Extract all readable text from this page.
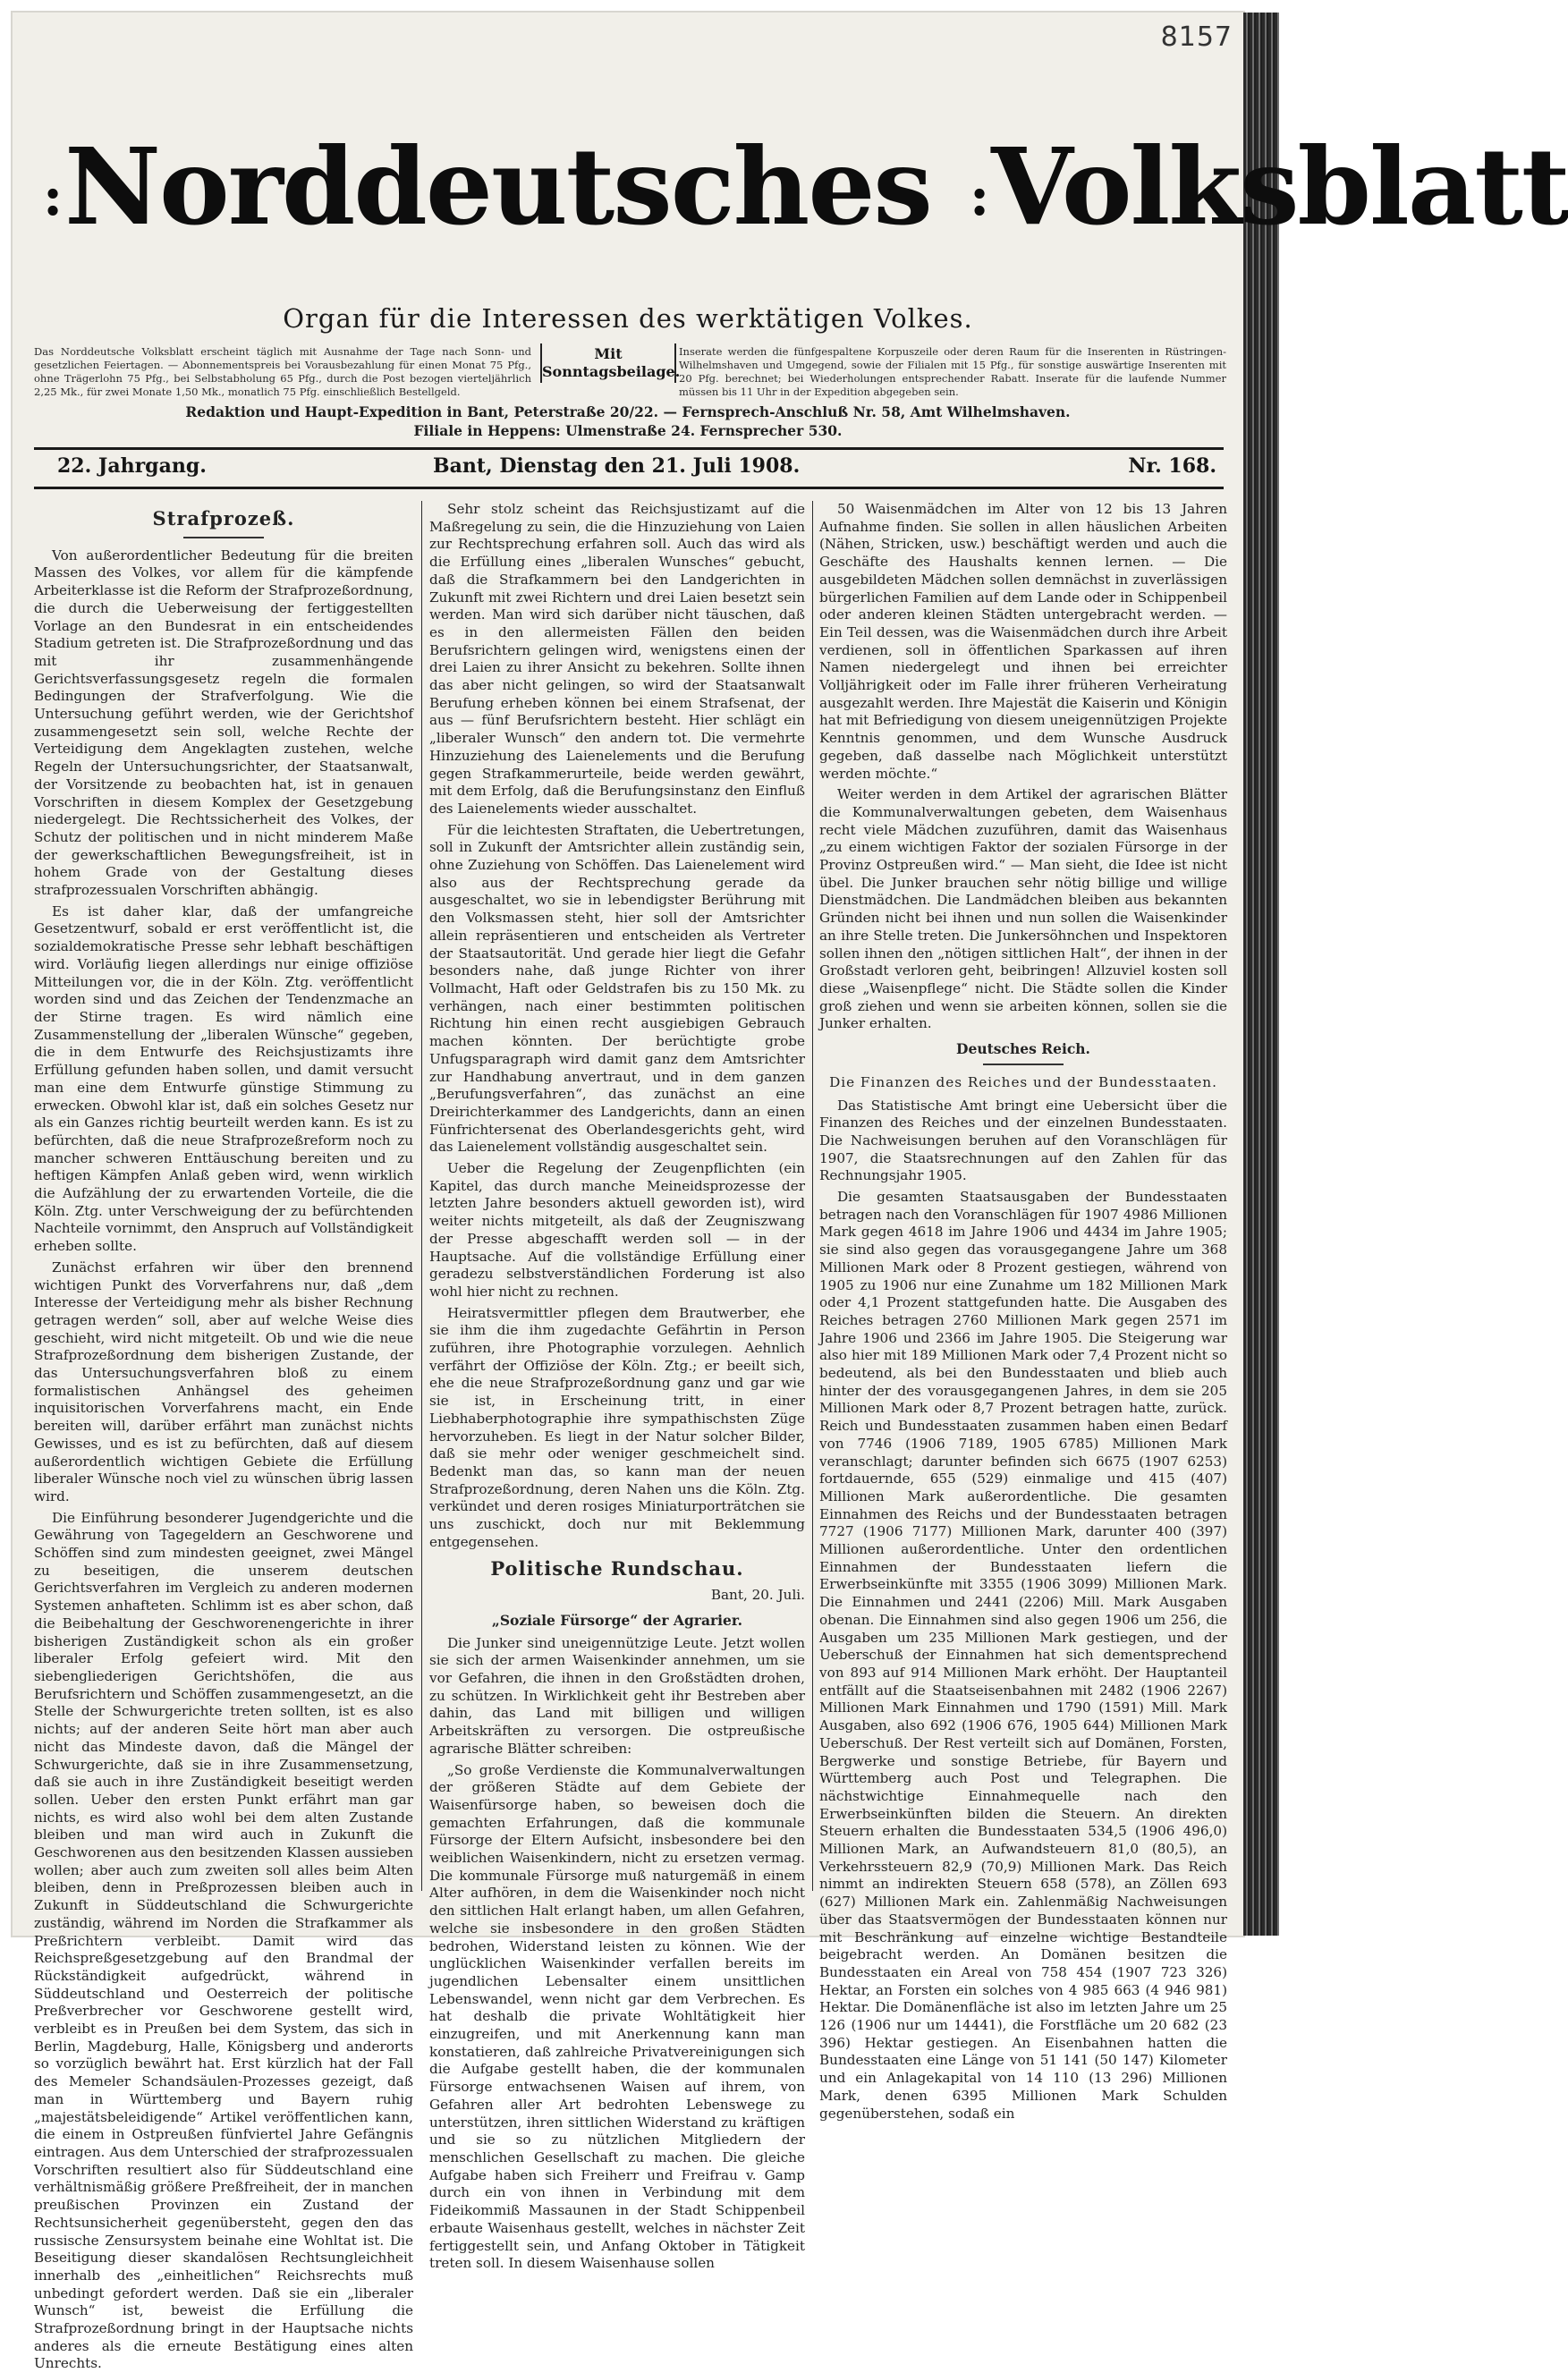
8157
:Norddeutsches :Volksblatt
Organ für die Interessen des werktätigen Volkes.
Das Norddeutsche Volksblatt erscheint täglich mit Ausnahme der Tage nach Sonn- und gesetzlichen Feiertagen. — Abonnementspreis bei Vorausbezahlung für einen Monat 75 Pfg., ohne Trägerlohn 75 Pfg., bei Selbstabholung 65 Pfg., durch die Post bezogen vierteljährlich 2,25 Mk., für zwei Monate 1,50 Mk., monatlich 75 Pfg. einschließlich Bestellgeld.
Mit
Sonntagsbeilage.
Inserate werden die fünfgespaltene Korpuszeile oder deren Raum für die Inserenten in Rüstringen-Wilhelmshaven und Umgegend, sowie der Filialen mit 15 Pfg., für sonstige auswärtige Inserenten mit 20 Pfg. berechnet; bei Wiederholungen entsprechender Rabatt. Inserate für die laufende Nummer müssen bis 11 Uhr in der Expedition abgegeben sein.
Redaktion und Haupt-Expedition in Bant, Peterstraße 20/22. — Fernsprech-Anschluß Nr. 58, Amt Wilhelmshaven.
Filiale in Heppens: Ulmenstraße 24. Fernsprecher 530.
22. Jahrgang.	Bant, Dienstag den 21. Juli 1908.	Nr. 168.
Strafprozeß.

Von außerordentlicher Bedeutung für die breiten Massen des Volkes, vor allem für die kämpfende Arbeiterklasse ist die Reform der Strafprozeßordnung, die durch die Ueberweisung der fertiggestellten Vorlage an den Bundesrat in ein entscheidendes Stadium getreten ist. Die Strafprozeßordnung und das mit ihr zusammenhängende Gerichtsverfassungsgesetz regeln die formalen Bedingungen der Strafverfolgung. Wie die Untersuchung geführt werden, wie der Gerichtshof zusammengesetzt sein soll, welche Rechte der Verteidigung dem Angeklagten zustehen, welche Regeln der Untersuchungsrichter, der Staatsanwalt, der Vorsitzende zu beobachten hat, ist in genauen Vorschriften in diesem Komplex der Gesetzgebung niedergelegt. Die Rechtssicherheit des Volkes, der Schutz der politischen und in nicht minderem Maße der gewerkschaftlichen Bewegungsfreiheit, ist in hohem Grade von der Gestaltung dieses strafprozessualen Vorschriften abhängig.

Es ist daher klar, daß der umfangreiche Gesetzentwurf, sobald er erst veröffentlicht ist, die sozialdemokratische Presse sehr lebhaft beschäftigen wird. Vorläufig liegen allerdings nur einige offiziöse Mitteilungen vor, die in der Köln. Ztg. veröffentlicht worden sind und das Zeichen der Tendenzmache an der Stirne tragen. Es wird nämlich eine Zusammenstellung der „liberalen Wünsche“ gegeben, die in dem Entwurfe des Reichsjustizamts ihre Erfüllung gefunden haben sollen, und damit versucht man eine dem Entwurfe günstige Stimmung zu erwecken. Obwohl klar ist, daß ein solches Gesetz nur als ein Ganzes richtig beurteilt werden kann. Es ist zu befürchten, daß die neue Strafprozeßreform noch zu mancher schweren Enttäuschung bereiten und zu heftigen Kämpfen Anlaß geben wird, wenn wirklich die Aufzählung der zu erwartenden Vorteile, die die Köln. Ztg. unter Verschweigung der zu befürchtenden Nachteile vornimmt, den Anspruch auf Vollständigkeit erheben sollte.

Zunächst erfahren wir über den brennend wichtigen Punkt des Vorverfahrens nur, daß „dem Interesse der Verteidigung mehr als bisher Rechnung getragen werden“ soll, aber auf welche Weise dies geschieht, wird nicht mitgeteilt. Ob und wie die neue Strafprozeßordnung dem bisherigen Zustande, der das Untersuchungsverfahren bloß zu einem formalistischen Anhängsel des geheimen inquisitorischen Vorverfahrens macht, ein Ende bereiten will, darüber erfährt man zunächst nichts Gewisses, und es ist zu befürchten, daß auf diesem außerordentlich wichtigen Gebiete die Erfüllung liberaler Wünsche noch viel zu wünschen übrig lassen wird.

Die Einführung besonderer Jugendgerichte und die Gewährung von Tagegeldern an Geschworene und Schöffen sind zum mindesten geeignet, zwei Mängel zu beseitigen, die unserem deutschen Gerichtsverfahren im Vergleich zu anderen modernen Systemen anhafteten. Schlimm ist es aber schon, daß die Beibehaltung der Geschworenengerichte in ihrer bisherigen Zuständigkeit schon als ein großer liberaler Erfolg gefeiert wird. Mit den siebengliederigen Gerichtshöfen, die aus Berufsrichtern und Schöffen zusammengesetzt, an die Stelle der Schwurgerichte treten sollten, ist es also nichts; auf der anderen Seite hört man aber auch nicht das Mindeste davon, daß die Mängel der Schwurgerichte, daß sie in ihre Zusammensetzung, daß sie auch in ihre Zuständigkeit beseitigt werden sollen. Ueber den ersten Punkt erfährt man gar nichts, es wird also wohl bei dem alten Zustande bleiben und man wird auch in Zukunft die Geschworenen aus den besitzenden Klassen aussieben wollen; aber auch zum zweiten soll alles beim Alten bleiben, denn in Preßprozessen bleiben auch in Zukunft in Süddeutschland die Schwurgerichte zuständig, während im Norden die Strafkammer als Preßrichtern verbleibt. Damit wird das Reichspreßgesetzgebung auf den Brandmal der Rückständigkeit aufgedrückt, während in Süddeutschland und Oesterreich der politische Preßverbrecher vor Geschworene gestellt wird, verbleibt es in Preußen bei dem System, das sich in Berlin, Magdeburg, Halle, Königsberg und anderorts so vorzüglich bewährt hat. Erst kürzlich hat der Fall des Memeler Schandsäulen-Prozesses gezeigt, daß man in Württemberg und Bayern ruhig „majestätsbeleidigende“ Artikel veröffentlichen kann, die einem in Ostpreußen fünfviertel Jahre Gefängnis eintragen. Aus dem Unterschied der strafprozessualen Vorschriften resultiert also für Süddeutschland eine verhältnismäßig größere Preßfreiheit, der in manchen preußischen Provinzen ein Zustand der Rechtsunsicherheit gegenübersteht, gegen den das russische Zensursystem beinahe eine Wohltat ist. Die Beseitigung dieser skandalösen Rechtsungleichheit innerhalb des „einheitlichen“ Reichsrechts muß unbedingt gefordert werden. Daß sie ein „liberaler Wunsch“ ist, beweist die Erfüllung die Strafprozeßordnung bringt in der Hauptsache nichts anderes als die erneute Bestätigung eines alten Unrechts.

Sehr stolz scheint das Reichsjustizamt auf die Maßregelung zu sein, die die Hinzuziehung von Laien zur Rechtsprechung erfahren soll. Auch das wird als die Erfüllung eines „liberalen Wunsches“ gebucht, daß die Strafkammern bei den Landgerichten in Zukunft mit zwei Richtern und drei Laien besetzt sein werden. Man wird sich darüber nicht täuschen, daß es in den allermeisten Fällen den beiden Berufsrichtern gelingen wird, wenigstens einen der drei Laien zu ihrer Ansicht zu bekehren. Sollte ihnen das aber nicht gelingen, so wird der Staatsanwalt Berufung erheben können bei einem Strafsenat, der aus — fünf Berufsrichtern besteht. Hier schlägt ein „liberaler Wunsch“ den andern tot. Die vermehrte Hinzuziehung des Laienelements und die Berufung gegen Strafkammerurteile, beide werden gewährt, mit dem Erfolg, daß die Berufungsinstanz den Einfluß des Laienelements wieder ausschaltet.

Für die leichtesten Straftaten, die Uebertretungen, soll in Zukunft der Amtsrichter allein zuständig sein, ohne Zuziehung von Schöffen. Das Laienelement wird also aus der Rechtsprechung gerade da ausgeschaltet, wo sie in lebendigster Berührung mit den Volksmassen steht, hier soll der Amtsrichter allein repräsentieren und entscheiden als Vertreter der Staatsautorität. Und gerade hier liegt die Gefahr besonders nahe, daß junge Richter von ihrer Vollmacht, Haft oder Geldstrafen bis zu 150 Mk. zu verhängen, nach einer bestimmten politischen Richtung hin einen recht ausgiebigen Gebrauch machen könnten. Der berüchtigte grobe Unfugsparagraph wird damit ganz dem Amtsrichter zur Handhabung anvertraut, und in dem ganzen „Berufungsverfahren“, das zunächst an eine Dreirichterkammer des Landgerichts, dann an einen Fünfrichtersenat des Oberlandesgerichts geht, wird das Laienelement vollständig ausgeschaltet sein.

Ueber die Regelung der Zeugenpflichten (ein Kapitel, das durch manche Meineidsprozesse der letzten Jahre besonders aktuell geworden ist), wird weiter nichts mitgeteilt, als daß der Zeugniszwang der Presse abgeschafft werden soll — in der Hauptsache. Auf die vollständige Erfüllung einer geradezu selbstverständlichen Forderung ist also wohl hier nicht zu rechnen.

Heiratsvermittler pflegen dem Brautwerber, ehe sie ihm die ihm zugedachte Gefährtin in Person zuführen, ihre Photographie vorzulegen. Aehnlich verfährt der Offiziöse der Köln. Ztg.; er beeilt sich, ehe die neue Strafprozeßordnung ganz und gar wie sie ist, in Erscheinung tritt, in einer Liebhaberphotographie ihre sympathischsten Züge hervorzuheben. Es liegt in der Natur solcher Bilder, daß sie mehr oder weniger geschmeichelt sind. Bedenkt man das, so kann man der neuen Strafprozeßordnung, deren Nahen uns die Köln. Ztg. verkündet und deren rosiges Miniaturporträtchen sie uns zuschickt, doch nur mit Beklemmung entgegensehen.

Politische Rundschau.
Bant, 20. Juli.
„Soziale Fürsorge“ der Agrarier.

Die Junker sind uneigennützige Leute. Jetzt wollen sie sich der armen Waisenkinder annehmen, um sie vor Gefahren, die ihnen in den Großstädten drohen, zu schützen. In Wirklichkeit geht ihr Bestreben aber dahin, das Land mit billigen und willigen Arbeitskräften zu versorgen. Die ostpreußische agrarische Blätter schreiben:

„So große Verdienste die Kommunalverwaltungen der größeren Städte auf dem Gebiete der Waisenfürsorge haben, so beweisen doch die gemachten Erfahrungen, daß die kommunale Fürsorge der Eltern Aufsicht, insbesondere bei den weiblichen Waisenkindern, nicht zu ersetzen vermag. Die kommunale Fürsorge muß naturgemäß in einem Alter aufhören, in dem die Waisenkinder noch nicht den sittlichen Halt erlangt haben, um allen Gefahren, welche sie insbesondere in den großen Städten bedrohen, Widerstand leisten zu können. Wie der unglücklichen Waisenkinder verfallen bereits im jugendlichen Lebensalter einem unsittlichen Lebenswandel, wenn nicht gar dem Verbrechen. Es hat deshalb die private Wohltätigkeit hier einzugreifen, und mit Anerkennung kann man konstatieren, daß zahlreiche Privatvereinigungen sich die Aufgabe gestellt haben, die der kommunalen Fürsorge entwachsenen Waisen auf ihrem, von Gefahren aller Art bedrohten Lebenswege zu unterstützen, ihren sittlichen Widerstand zu kräftigen und sie so zu nützlichen Mitgliedern der menschlichen Gesellschaft zu machen. Die gleiche Aufgabe haben sich Freiherr und Freifrau v. Gamp durch ein von ihnen in Verbindung mit dem Fideikommiß Massaunen in der Stadt Schippenbeil erbaute Waisenhaus gestellt, welches in nächster Zeit fertiggestellt sein, und Anfang Oktober in Tätigkeit treten soll. In diesem Waisenhause sollen

50 Waisenmädchen im Alter von 12 bis 13 Jahren Aufnahme finden. Sie sollen in allen häuslichen Arbeiten (Nähen, Stricken, usw.) beschäftigt werden und auch die Geschäfte des Haushalts kennen lernen. — Die ausgebildeten Mädchen sollen demnächst in zuverlässigen bürgerlichen Familien auf dem Lande oder in Schippenbeil oder anderen kleinen Städten untergebracht werden. — Ein Teil dessen, was die Waisenmädchen durch ihre Arbeit verdienen, soll in öffentlichen Sparkassen auf ihren Namen niedergelegt und ihnen bei erreichter Volljährigkeit oder im Falle ihrer früheren Verheiratung ausgezahlt werden. Ihre Majestät die Kaiserin und Königin hat mit Befriedigung von diesem uneigennützigen Projekte Kenntnis genommen, und dem Wunsche Ausdruck gegeben, daß dasselbe nach Möglichkeit unterstützt werden möchte.“

Weiter werden in dem Artikel der agrarischen Blätter die Kommunalverwaltungen gebeten, dem Waisenhaus recht viele Mädchen zuzuführen, damit das Waisenhaus „zu einem wichtigen Faktor der sozialen Fürsorge in der Provinz Ostpreußen wird.“ — Man sieht, die Idee ist nicht übel. Die Junker brauchen sehr nötig billige und willige Dienstmädchen. Die Landmädchen bleiben aus bekannten Gründen nicht bei ihnen und nun sollen die Waisenkinder an ihre Stelle treten. Die Junkersöhnchen und Inspektoren sollen ihnen den „nötigen sittlichen Halt“, der ihnen in der Großstadt verloren geht, beibringen! Allzuviel kosten soll diese „Waisenpflege“ nicht. Die Städte sollen die Kinder groß ziehen und wenn sie arbeiten können, sollen sie die Junker erhalten.

Deutsches Reich.

Die Finanzen des Reiches und der Bundesstaaten.

Das Statistische Amt bringt eine Uebersicht über die Finanzen des Reiches und der einzelnen Bundesstaaten. Die Nachweisungen beruhen auf den Voranschlägen für 1907, die Staatsrechnungen auf den Zahlen für das Rechnungsjahr 1905.

Die gesamten Staatsausgaben der Bundesstaaten betragen nach den Voranschlägen für 1907 4986 Millionen Mark gegen 4618 im Jahre 1906 und 4434 im Jahre 1905; sie sind also gegen das vorausgegangene Jahre um 368 Millionen Mark oder 8 Prozent gestiegen, während von 1905 zu 1906 nur eine Zunahme um 182 Millionen Mark oder 4,1 Prozent stattgefunden hatte. Die Ausgaben des Reiches betragen 2760 Millionen Mark gegen 2571 im Jahre 1906 und 2366 im Jahre 1905. Die Steigerung war also hier mit 189 Millionen Mark oder 7,4 Prozent nicht so bedeutend, als bei den Bundesstaaten und blieb auch hinter der des vorausgegangenen Jahres, in dem sie 205 Millionen Mark oder 8,7 Prozent betragen hatte, zurück. Reich und Bundesstaaten zusammen haben einen Bedarf von 7746 (1906 7189, 1905 6785) Millionen Mark veranschlagt; darunter befinden sich 6675 (1907 6253) fortdauernde, 655 (529) einmalige und 415 (407) Millionen Mark außerordentliche. Die gesamten Einnahmen des Reichs und der Bundesstaaten betragen 7727 (1906 7177) Millionen Mark, darunter 400 (397) Millionen außerordentliche. Unter den ordentlichen Einnahmen der Bundesstaaten liefern die Erwerbseinkünfte mit 3355 (1906 3099) Millionen Mark. Die Einnahmen und 2441 (2206) Mill. Mark Ausgaben obenan. Die Einnahmen sind also gegen 1906 um 256, die Ausgaben um 235 Millionen Mark gestiegen, und der Ueberschuß der Einnahmen hat sich dementsprechend von 893 auf 914 Millionen Mark erhöht. Der Hauptanteil entfällt auf die Staatseisenbahnen mit 2482 (1906 2267) Millionen Mark Einnahmen und 1790 (1591) Mill. Mark Ausgaben, also 692 (1906 676, 1905 644) Millionen Mark Ueberschuß. Der Rest verteilt sich auf Domänen, Forsten, Bergwerke und sonstige Betriebe, für Bayern und Württemberg auch Post und Telegraphen. Die nächstwichtige Einnahmequelle nach den Erwerbseinkünften bilden die Steuern. An direkten Steuern erhalten die Bundesstaaten 534,5 (1906 496,0) Millionen Mark, an Aufwandsteuern 81,0 (80,5), an Verkehrssteuern 82,9 (70,9) Millionen Mark. Das Reich nimmt an indirekten Steuern 658 (578), an Zöllen 693 (627) Millionen Mark ein. Zahlenmäßig Nachweisungen über das Staatsvermögen der Bundesstaaten können nur mit Beschränkung auf einzelne wichtige Bestandteile beigebracht werden. An Domänen besitzen die Bundesstaaten ein Areal von 758 454 (1907 723 326) Hektar, an Forsten ein solches von 4 985 663 (4 946 981) Hektar. Die Domänenfläche ist also im letzten Jahre um 25 126 (1906 nur um 14441), die Forstfläche um 20 682 (23 396) Hektar gestiegen. An Eisenbahnen hatten die Bundesstaaten eine Länge von 51 141 (50 147) Kilometer und ein Anlagekapital von 14 110 (13 296) Millionen Mark, denen 6395 Millionen Mark Schulden gegenüberstehen, sodaß ein
